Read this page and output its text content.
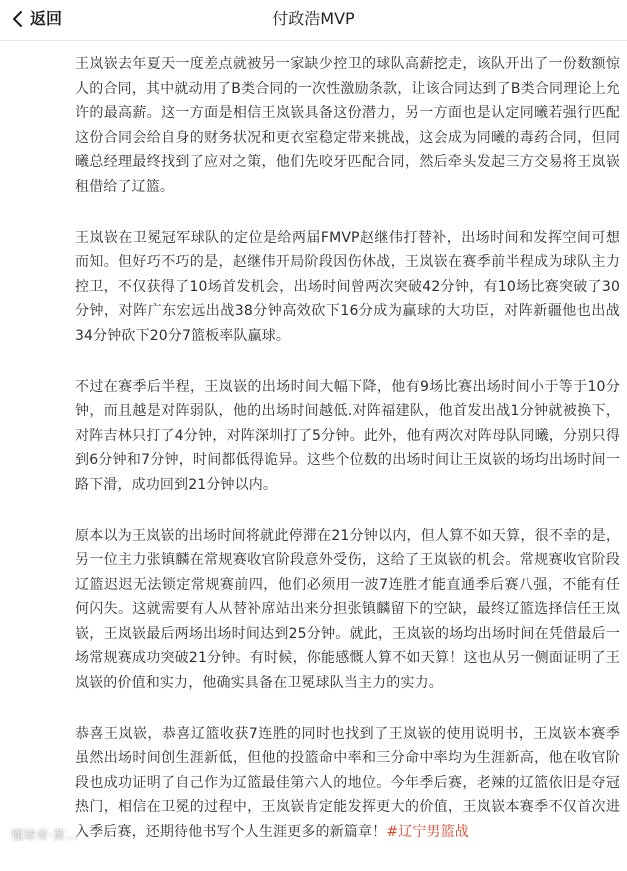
返回	付政浩MVP

王岚嵚去年夏天一度差点就被另一家缺少控卫的球队高薪挖走，该队开出了一份数额惊人的合同，其中就动用了B类合同的一次性激励条款，让该合同达到了B类合同理论上允许的最高薪。这一方面是相信王岚嵚具备这份潜力，另一方面也是认定同曦若强行匹配这份合同会给自身的财务状况和更衣室稳定带来挑战，这会成为同曦的毒药合同，但同曦总经理最终找到了应对之策，他们先咬牙匹配合同，然后牵头发起三方交易将王岚嵚租借给了辽篮。

王岚嵚在卫冕冠军球队的定位是给两届FMVP赵继伟打替补，出场时间和发挥空间可想而知。但好巧不巧的是，赵继伟开局阶段因伤休战，王岚嵚在赛季前半程成为球队主力控卫，不仅获得了10场首发机会，出场时间曾两次突破42分钟，有10场比赛突破了30分钟，对阵广东宏远出战38分钟高效砍下16分成为赢球的大功臣，对阵新疆他也出战34分钟砍下20分7篮板率队赢球。

不过在赛季后半程，王岚嵚的出场时间大幅下降，他有9场比赛出场时间小于等于10分钟，而且越是对阵弱队，他的出场时间越低.对阵福建队，他首发出战1分钟就被换下，对阵吉林只打了4分钟，对阵深圳打了5分钟。此外，他有两次对阵母队同曦，分别只得到6分钟和7分钟，时间都低得诡异。这些个位数的出场时间让王岚嵚的场均出场时间一路下滑，成功回到21分钟以内。

原本以为王岚嵚的出场时间将就此停滞在21分钟以内，但人算不如天算，很不幸的是，另一位主力张镇麟在常规赛收官阶段意外受伤，这给了王岚嵚的机会。常规赛收官阶段辽篮迟迟无法锁定常规赛前四，他们必须用一波7连胜才能直通季后赛八强，不能有任何闪失。这就需要有人从替补席站出来分担张镇麟留下的空缺，最终辽篮选择信任王岚嵚，王岚嵚最后两场出场时间达到25分钟。就此，王岚嵚的场均出场时间在凭借最后一场常规赛成功突破21分钟。有时候，你能感慨人算不如天算！这也从另一侧面证明了王岚嵚的价值和实力，他确实具备在卫冕球队当主力的实力。

恭喜王岚嵚，恭喜辽篮收获7连胜的同时也找到了王岚嵚的使用说明书，王岚嵚本赛季虽然出场时间创生涯新低，但他的投篮命中率和三分命中率均为生涯新高，他在收官阶段也成功证明了自己作为辽篮最佳第六人的地位。今年季后赛，老辣的辽篮依旧是夺冠热门，相信在卫冕的过程中，王岚嵚肯定能发挥更大的价值，王岚嵚本赛季不仅首次进入季后赛，还期待他书写个人生涯更多的新篇章！#辽宁男篮战

懂球帝·黄...
